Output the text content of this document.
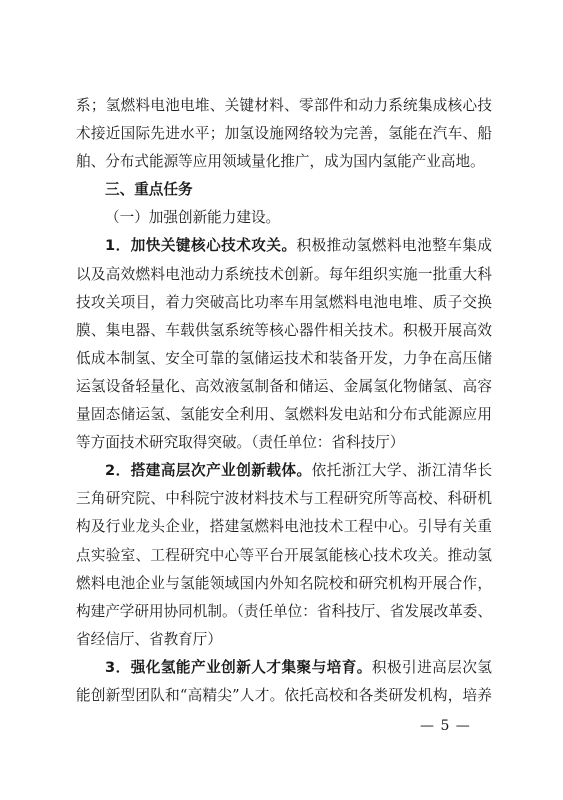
系；氢燃料电池电堆、关键材料、零部件和动力系统集成核心技
术接近国际先进水平；加氢设施网络较为完善，氢能在汽车、船
舶、分布式能源等应用领域量化推广，成为国内氢能产业高地。
三、重点任务
（一）加强创新能力建设。
1．加快关键核心技术攻关。积极推动氢燃料电池整车集成
以及高效燃料电池动力系统技术创新。每年组织实施一批重大科
技攻关项目，着力突破高比功率车用氢燃料电池电堆、质子交换
膜、集电器、车载供氢系统等核心器件相关技术。积极开展高效
低成本制氢、安全可靠的氢储运技术和装备开发，力争在高压储
运氢设备轻量化、高效液氢制备和储运、金属氢化物储氢、高容
量固态储运氢、氢能安全利用、氢燃料发电站和分布式能源应用
等方面技术研究取得突破。（责任单位：省科技厅）
2．搭建高层次产业创新载体。依托浙江大学、浙江清华长
三角研究院、中科院宁波材料技术与工程研究所等高校、科研机
构及行业龙头企业，搭建氢燃料电池技术工程中心。引导有关重
点实验室、工程研究中心等平台开展氢能核心技术攻关。推动氢
燃料电池企业与氢能领域国内外知名院校和研究机构开展合作，
构建产学研用协同机制。（责任单位：省科技厅、省发展改革委、
省经信厅、省教育厅）
3．强化氢能产业创新人才集聚与培育。积极引进高层次氢
能创新型团队和“高精尖”人才。依托高校和各类研发机构，培养
— 5 —
